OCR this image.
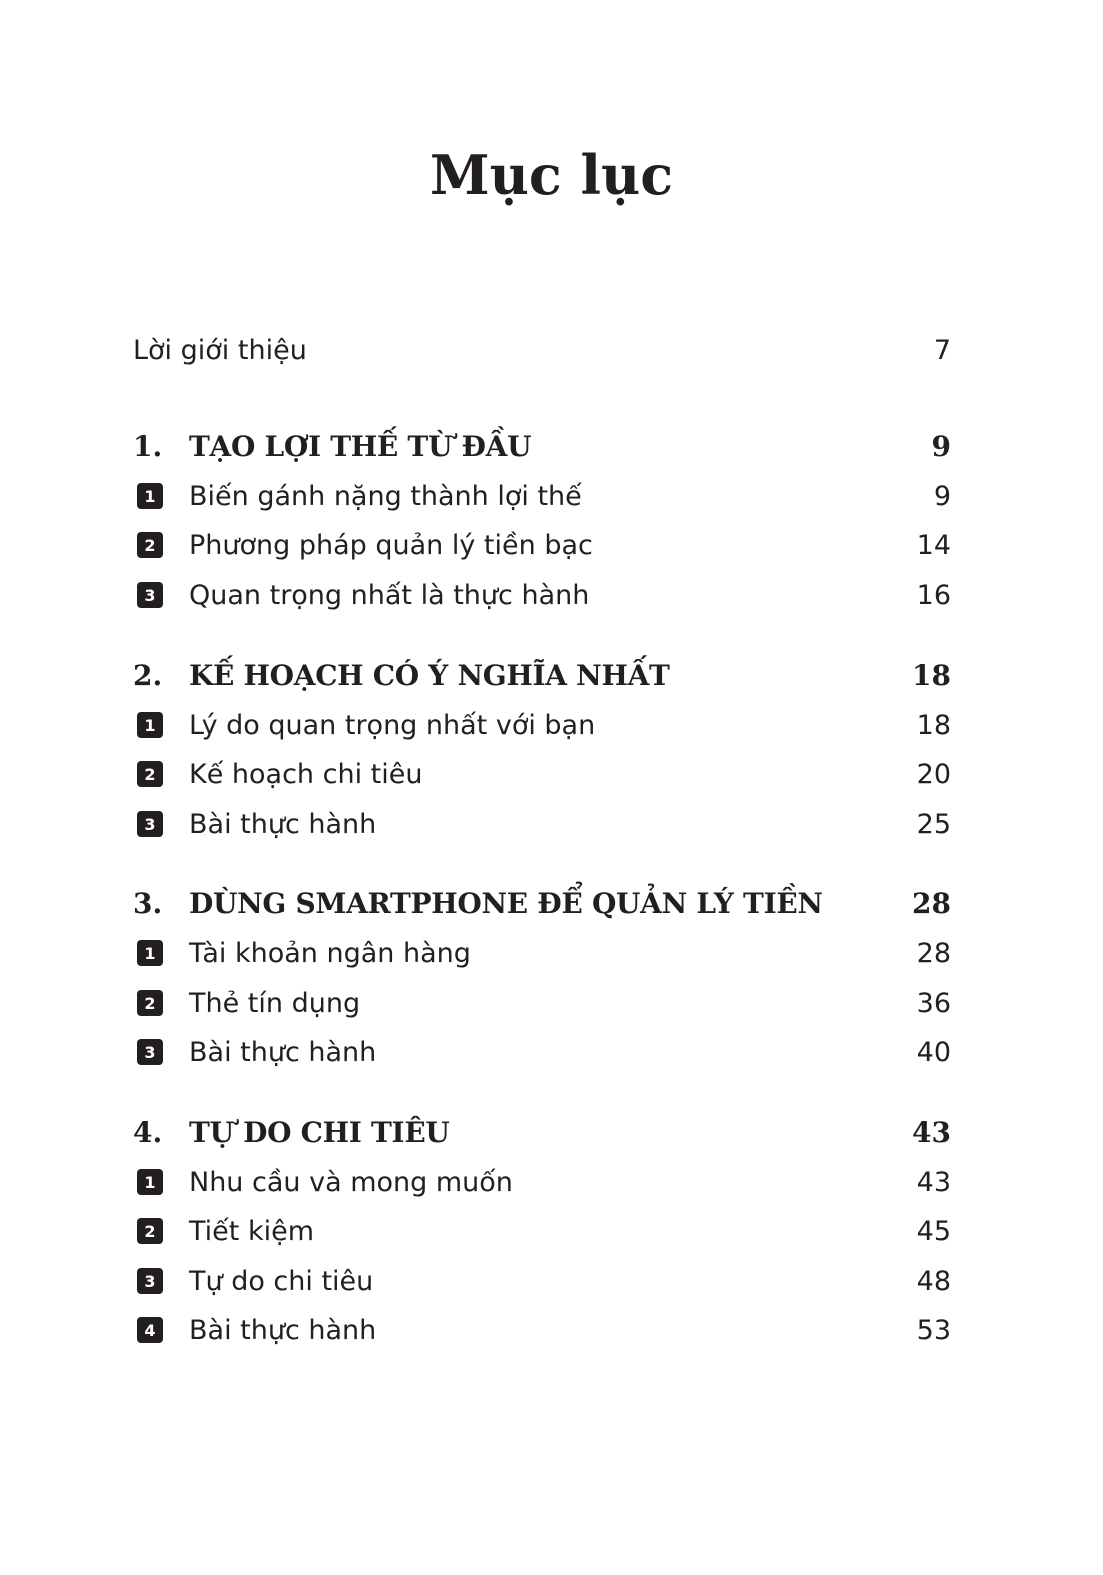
Mục lục
Lời giới thiệu	7
1. TẠO LỢI THẾ TỪ ĐẦU	9
1 Biến gánh nặng thành lợi thế	9
2 Phương pháp quản lý tiền bạc	14
3 Quan trọng nhất là thực hành	16
2. KẾ HOẠCH CÓ Ý NGHĨA NHẤT	18
1 Lý do quan trọng nhất với bạn	18
2 Kế hoạch chi tiêu	20
3 Bài thực hành	25
3. DÙNG SMARTPHONE ĐỂ QUẢN LÝ TIỀN	28
1 Tài khoản ngân hàng	28
2 Thẻ tín dụng	36
3 Bài thực hành	40
4. TỰ DO CHI TIÊU	43
1 Nhu cầu và mong muốn	43
2 Tiết kiệm	45
3 Tự do chi tiêu	48
4 Bài thực hành	53
